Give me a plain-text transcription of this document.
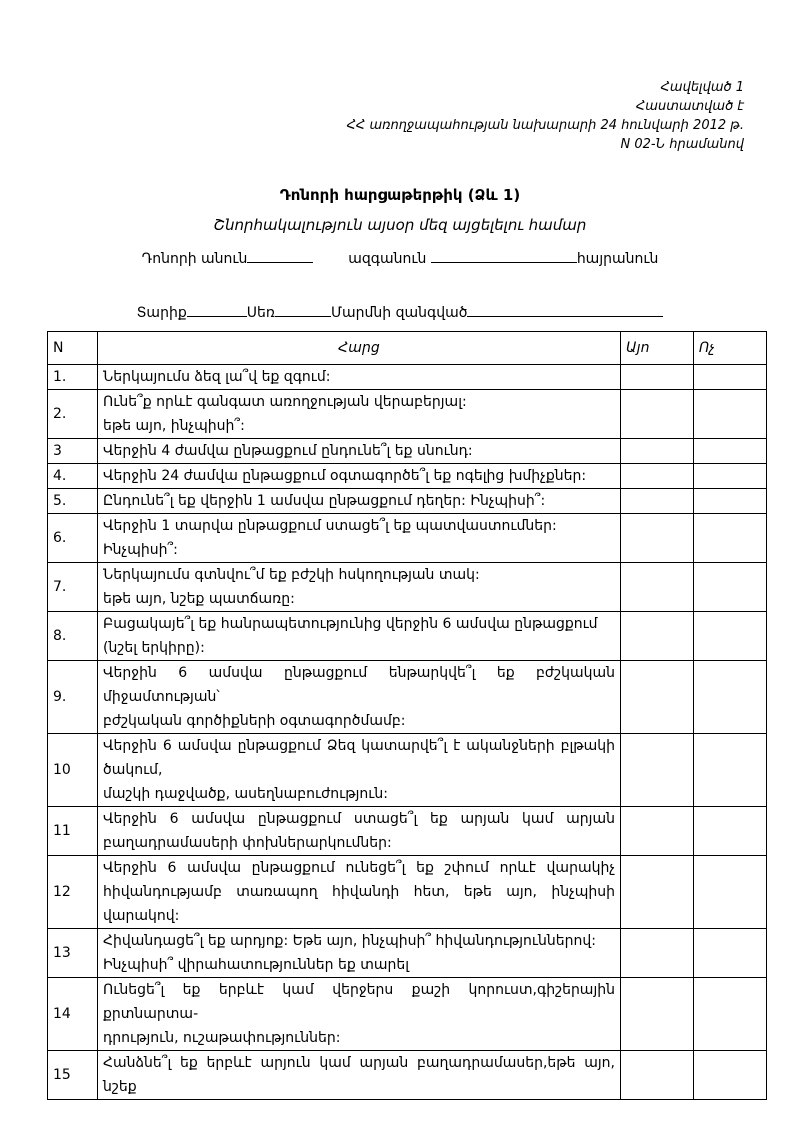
Հավելված 1
Հաստատված է
ՀՀ առողջապահության նախարարի 24 հունվարի 2012 թ.
N 02-Ն հրամանով
Դոնորի հարցաթերթիկ (Ձև 1)
Շնորհակալություն այսօր մեզ այցելելու համար
Դոնորի անուն	ազգանուն	հայրանուն
Տարիք	Սեռ	Մարմնի զանգված
N	Հարց	Այո	Ոչ
1.	Ներկայումս ձեզ լա՞վ եք զգում:		

2.	Ունե՞ք որևէ գանգատ առողջության վերաբերյալ:
եթե այո, ինչպիսի՞:		

3	Վերջին 4 ժամվա ընթացքում ընդունե՞լ եք սնունդ:		

4.	Վերջին 24 ժամվա ընթացքում օգտագործե՞լ եք ոգելից խմիչքներ:		

5.	Ընդունե՞լ եք վերջին 1 ամսվա ընթացքում դեղեր: Ինչպիսի՞:		

6.	Վերջին 1 տարվա ընթացքում ստացե՞լ եք պատվաստումներ:
Ինչպիսի՞:		

7.	Ներկայումս գտնվու՞մ եք բժշկի հսկողության տակ:
եթե այո, նշեք պատճառը:		

8.	Բացակայե՞լ եք հանրապետությունից վերջին 6 ամսվա ընթացքում
(նշել երկիրը):		

9.	Վերջին 6 ամսվա ընթացքում ենթարկվե՞լ եք բժշկական միջամտության՝
բժշկական գործիքների օգտագործմամբ:		

10	Վերջին 6 ամսվա ընթացքում Ձեզ կատարվե՞լ է ականջների բլթակի ծակում,
մաշկի դաջվածք, ասեղնաբուժություն:		

11	Վերջին 6 ամսվա ընթացքում ստացե՞լ եք արյան կամ արյան բաղադրամասերի փոխներարկումներ:		

12	Վերջին 6 ամսվա ընթացքում ունեցե՞լ եք շփում որևէ վարակիչ հիվանդությամբ տառապող հիվանդի հետ, եթե այո, ինչպիսի վարակով:		

13	Հիվանդացե՞լ եք արդյոք: Եթե այո, ինչպիսի՞ հիվանդություններով:
Ինչպիսի՞ վիրահատություններ եք տարել		

14	Ունեցե՞լ եք երբևէ կամ վերջերս քաշի կորուստ,գիշերային քրտնարտա-
դրություն, ուշաթափություններ:		

15	Հանձնե՞լ եք երբևէ արյուն կամ արյան բաղադրամասեր,եթե այո, նշեք		
